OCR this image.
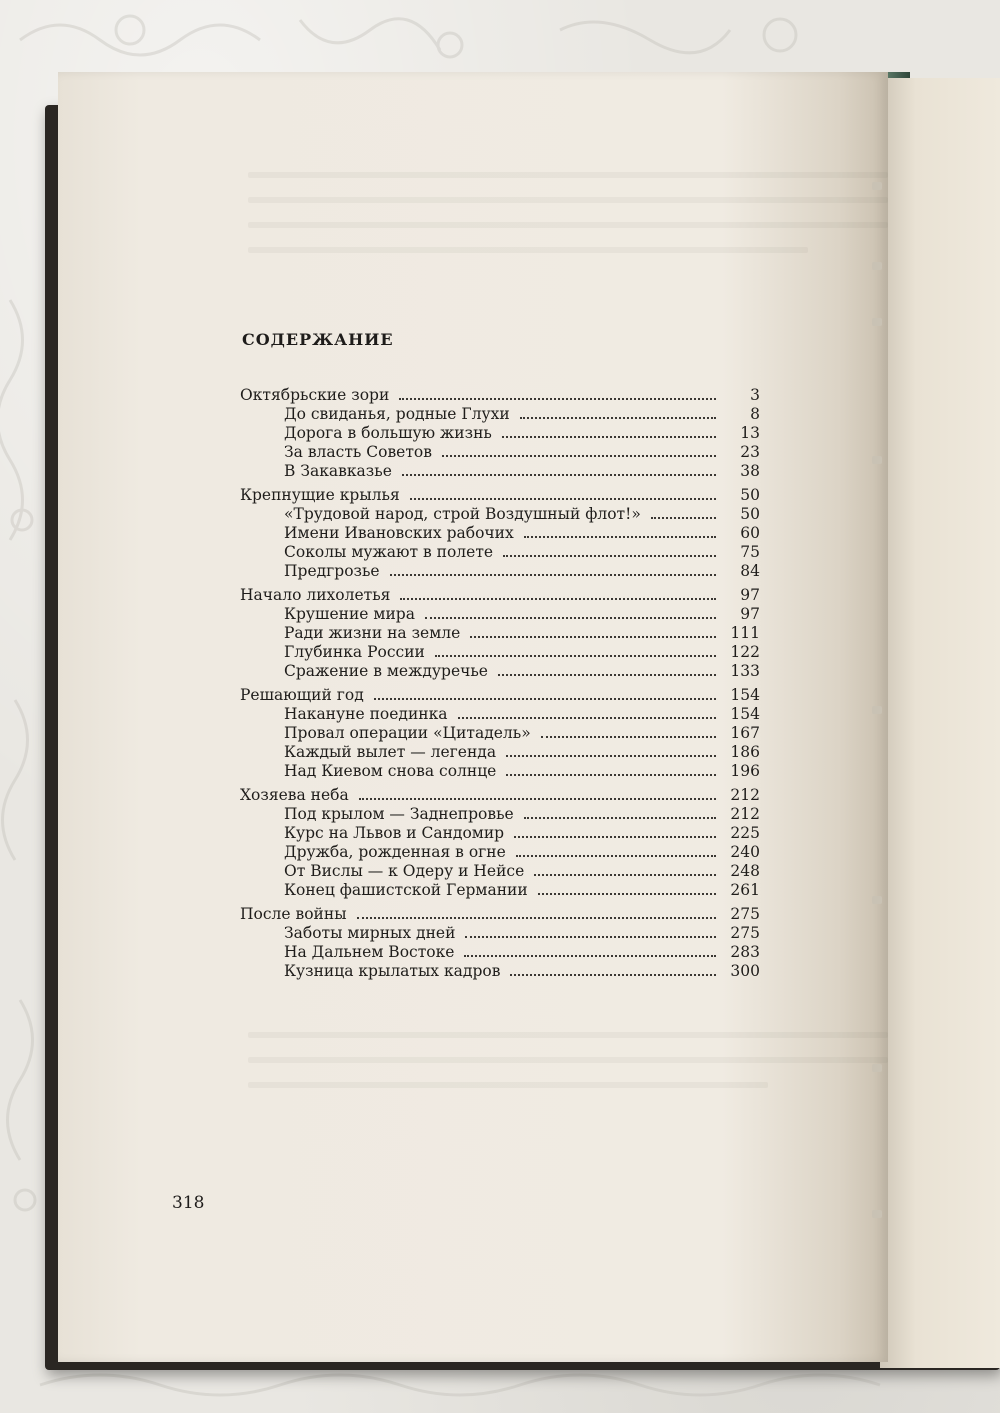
СОДЕРЖАНИЕ
Октябрьские зори	3
До свиданья, родные Глухи	8
Дорога в большую жизнь	13
За власть Советов	23
В Закавказье	38
Крепнущие крылья	50
«Трудовой народ, строй Воздушный флот!»	50
Имени Ивановских рабочих	60
Соколы мужают в полете	75
Предгрозье	84
Начало лихолетья	97
Крушение мира	97
Ради жизни на земле	111
Глубинка России	122
Сражение в междуречье	133
Решающий год	154
Накануне поединка	154
Провал операции «Цитадель»	167
Каждый вылет — легенда	186
Над Киевом снова солнце	196
Хозяева неба	212
Под крылом — Заднепровье	212
Курс на Львов и Сандомир	225
Дружба, рожденная в огне	240
От Вислы — к Одеру и Нейсе	248
Конец фашистской Германии	261
После войны	275
Заботы мирных дней	275
На Дальнем Востоке	283
Кузница крылатых кадров	300
318
